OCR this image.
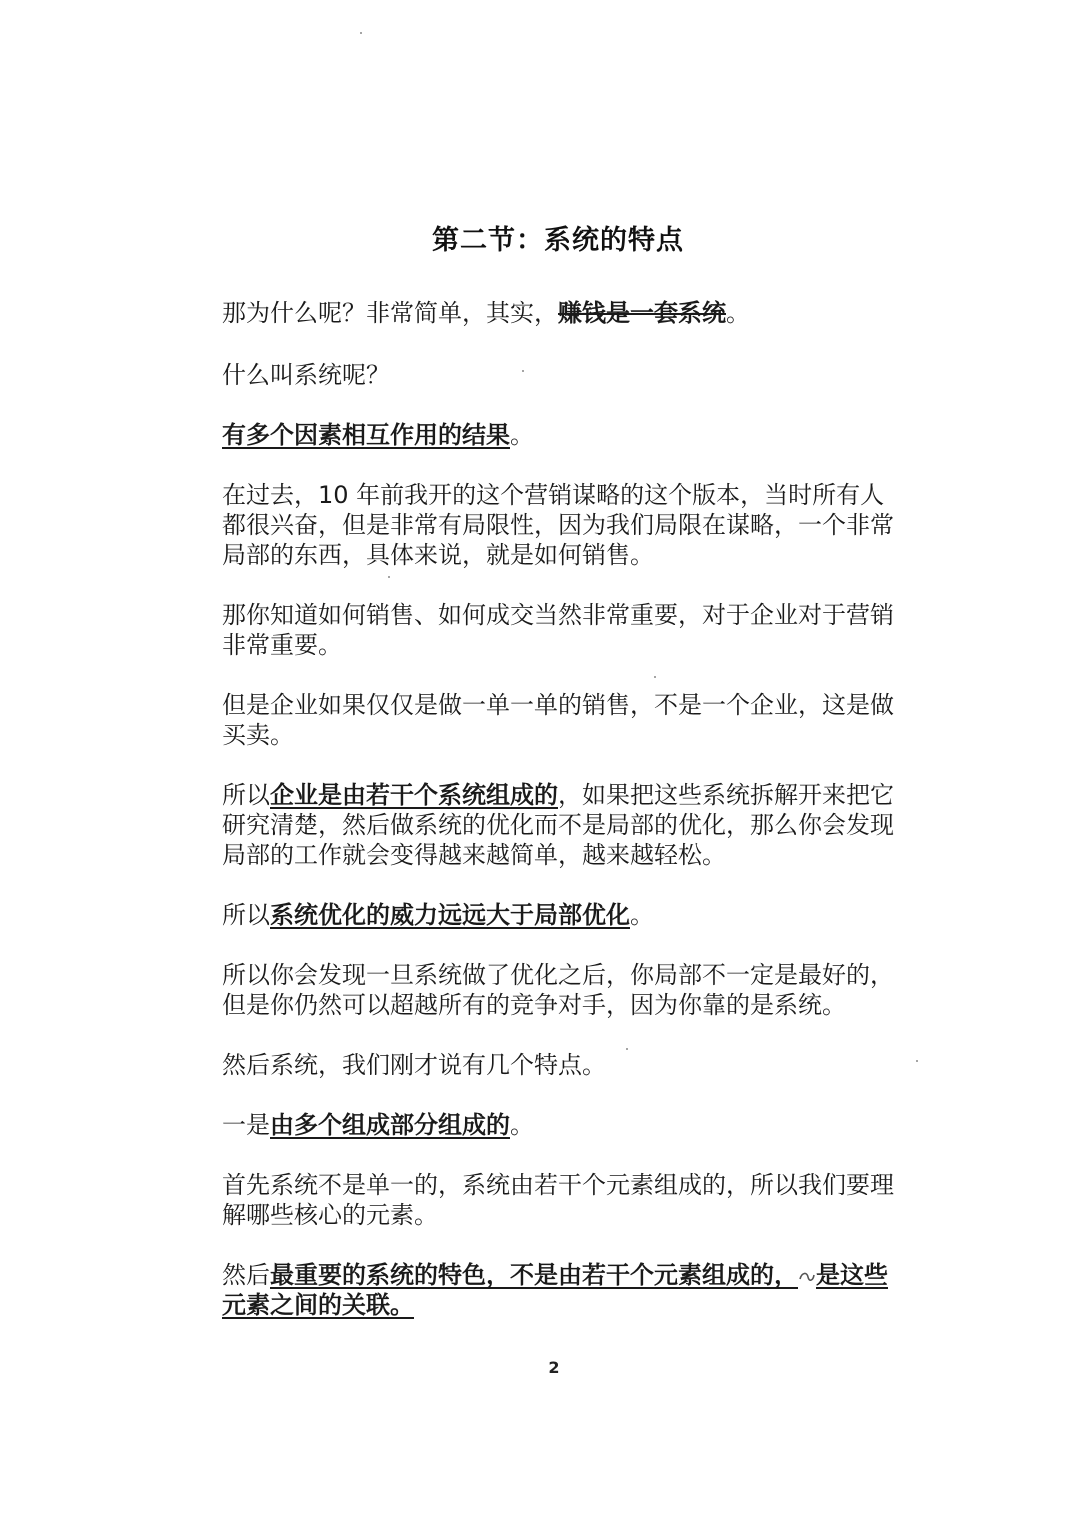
第二节：系统的特点

那为什么呢？非常简单，其实，赚钱是一套系统。

什么叫系统呢？

有多个因素相互作用的结果。

在过去，10 年前我开的这个营销谋略的这个版本，当时所有人都很兴奋，但是非常有局限性，因为我们局限在谋略，一个非常局部的东西，具体来说，就是如何销售。

那你知道如何销售、如何成交当然非常重要，对于企业对于营销非常重要。

但是企业如果仅仅是做一单一单的销售，不是一个企业，这是做买卖。

所以企业是由若干个系统组成的，如果把这些系统拆解开来把它研究清楚，然后做系统的优化而不是局部的优化，那么你会发现局部的工作就会变得越来越简单，越来越轻松。

所以系统优化的威力远远大于局部优化。

所以你会发现一旦系统做了优化之后，你局部不一定是最好的，但是你仍然可以超越所有的竞争对手，因为你靠的是系统。

然后系统，我们刚才说有几个特点。

一是由多个组成部分组成的。

首先系统不是单一的，系统由若干个元素组成的，所以我们要理解哪些核心的元素。

然后最重要的系统的特色，不是由若干个元素组成的， 是这些元素之间的关联。

2
